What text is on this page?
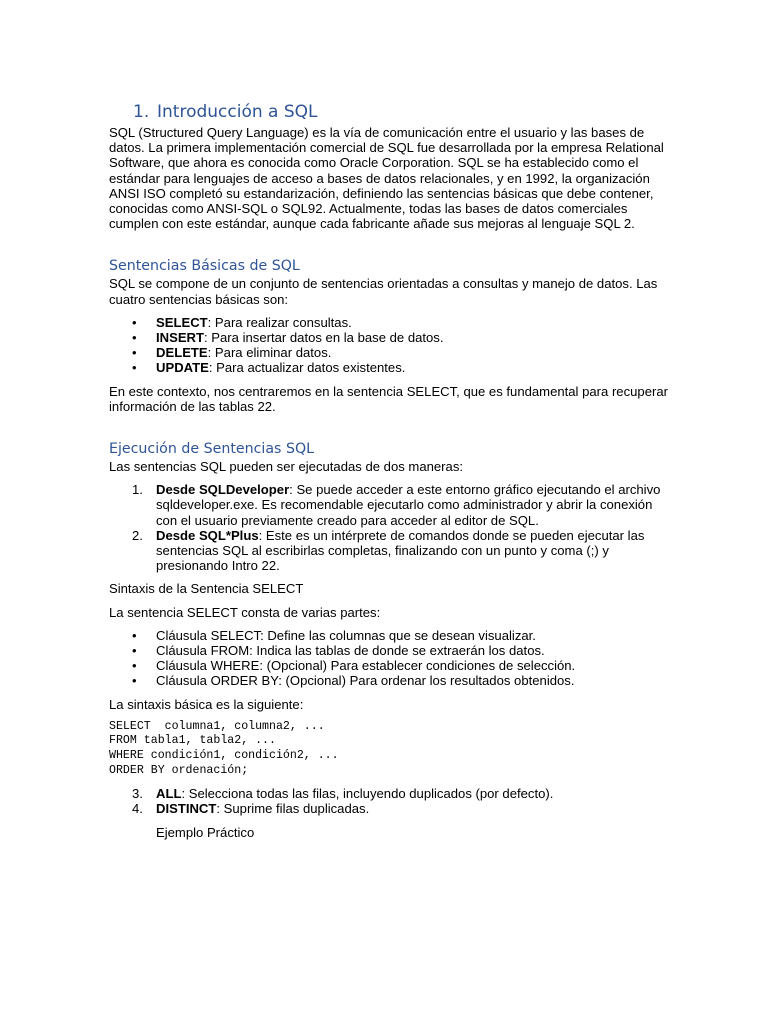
1. Introducción a SQL

SQL (Structured Query Language) es la vía de comunicación entre el usuario y las bases de datos. La primera implementación comercial de SQL fue desarrollada por la empresa Relational Software, que ahora es conocida como Oracle Corporation. SQL se ha establecido como el estándar para lenguajes de acceso a bases de datos relacionales, y en 1992, la organización ANSI ISO completó su estandarización, definiendo las sentencias básicas que debe contener, conocidas como ANSI-SQL o SQL92. Actualmente, todas las bases de datos comerciales cumplen con este estándar, aunque cada fabricante añade sus mejoras al lenguaje SQL 2.

Sentencias Básicas de SQL

SQL se compone de un conjunto de sentencias orientadas a consultas y manejo de datos. Las cuatro sentencias básicas son:

• SELECT: Para realizar consultas.
• INSERT: Para insertar datos en la base de datos.
• DELETE: Para eliminar datos.
• UPDATE: Para actualizar datos existentes.

En este contexto, nos centraremos en la sentencia SELECT, que es fundamental para recuperar información de las tablas 22.

Ejecución de Sentencias SQL

Las sentencias SQL pueden ser ejecutadas de dos maneras:

1. Desde SQLDeveloper: Se puede acceder a este entorno gráfico ejecutando el archivo sqldeveloper.exe. Es recomendable ejecutarlo como administrador y abrir la conexión con el usuario previamente creado para acceder al editor de SQL.
2. Desde SQL*Plus: Este es un intérprete de comandos donde se pueden ejecutar las sentencias SQL al escribirlas completas, finalizando con un punto y coma (;) y presionando Intro 22.

Sintaxis de la Sentencia SELECT

La sentencia SELECT consta de varias partes:

• Cláusula SELECT: Define las columnas que se desean visualizar.
• Cláusula FROM: Indica las tablas de donde se extraerán los datos.
• Cláusula WHERE: (Opcional) Para establecer condiciones de selección.
• Cláusula ORDER BY: (Opcional) Para ordenar los resultados obtenidos.

La sintaxis básica es la siguiente:

SELECT  columna1, columna2, ...
FROM tabla1, tabla2, ...
WHERE condición1, condición2, ...
ORDER BY ordenación;
3. ALL: Selecciona todas las filas, incluyendo duplicados (por defecto).
4. DISTINCT: Suprime filas duplicadas.

Ejemplo Práctico
